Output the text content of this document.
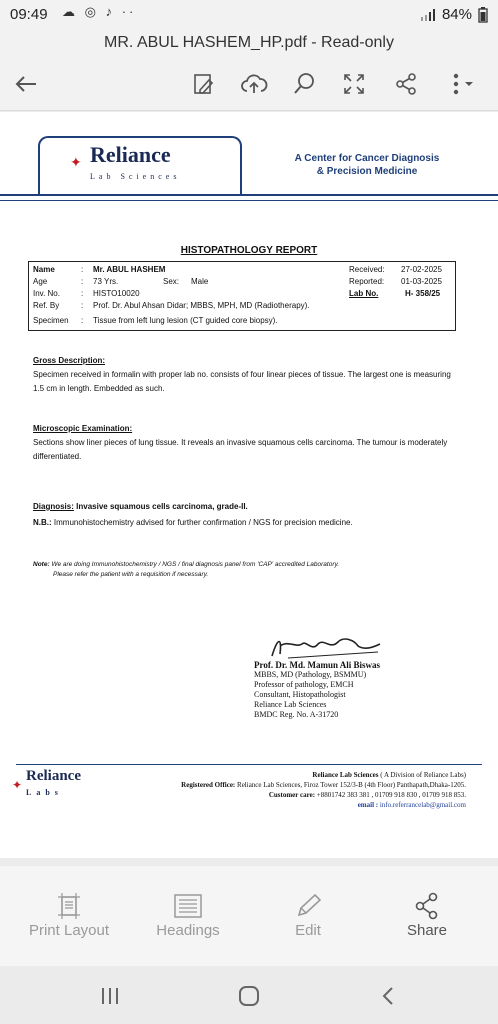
09:49 ☁ ◎ ♪ ··	84%
MR. ABUL HASHEM_HP.pdf - Read-only
✦ Reliance
Lab Sciences
A Center for Cancer Diagnosis
& Precision Medicine
HISTOPATHOLOGY REPORT
Name	: Mr. ABUL HASHEM	Received: 27-02-2025
Age	: 73 Yrs.	Sex: Male	Reported: 01-03-2025
Inv. No.	: HISTO10020	Lab No.	H- 358/25
Ref. By	: Prof. Dr. Abul Ahsan Didar; MBBS, MPH, MD (Radiotherapy).
Specimen : Tissue from left lung lesion (CT guided core biopsy).
Gross Description:
Specimen received in formalin with proper lab no. consists of four linear pieces of tissue. The largest one is measuring 1.5 cm in length. Embedded as such.
Microscopic Examination:
Sections show liner pieces of lung tissue. It reveals an invasive squamous cells carcinoma. The tumour is moderately differentiated.
Diagnosis: Invasive squamous cells carcinoma, grade-II.
N.B.: Immunohistochemistry advised for further confirmation / NGS for precision medicine.
Note: We are doing Immunohistochemistry / NGS / final diagnosis panel from 'CAP' accredited Laboratory.
Please refer the patient with a requisition if necessary.
Prof. Dr. Md. Mamun Ali Biswas
MBBS, MD (Pathology, BSMMU)
Professor of pathology, EMCH
Consultant, Histopathologist
Reliance Lab Sciences
BMDC Reg. No. A-31720
✦
Reliance
Labs
Reliance Lab Sciences ( A Division of Reliance Labs)
Registered Office: Reliance Lab Sciences, Firoz Tower 152/3-B (4th Floor) Panthapath,Dhaka-1205.
Customer care: +8801742 383 381 , 01709 918 830 , 01709 918 853.
email : info.referrancelab@gmail.com
Print Layout	Headings	Edit	Share
